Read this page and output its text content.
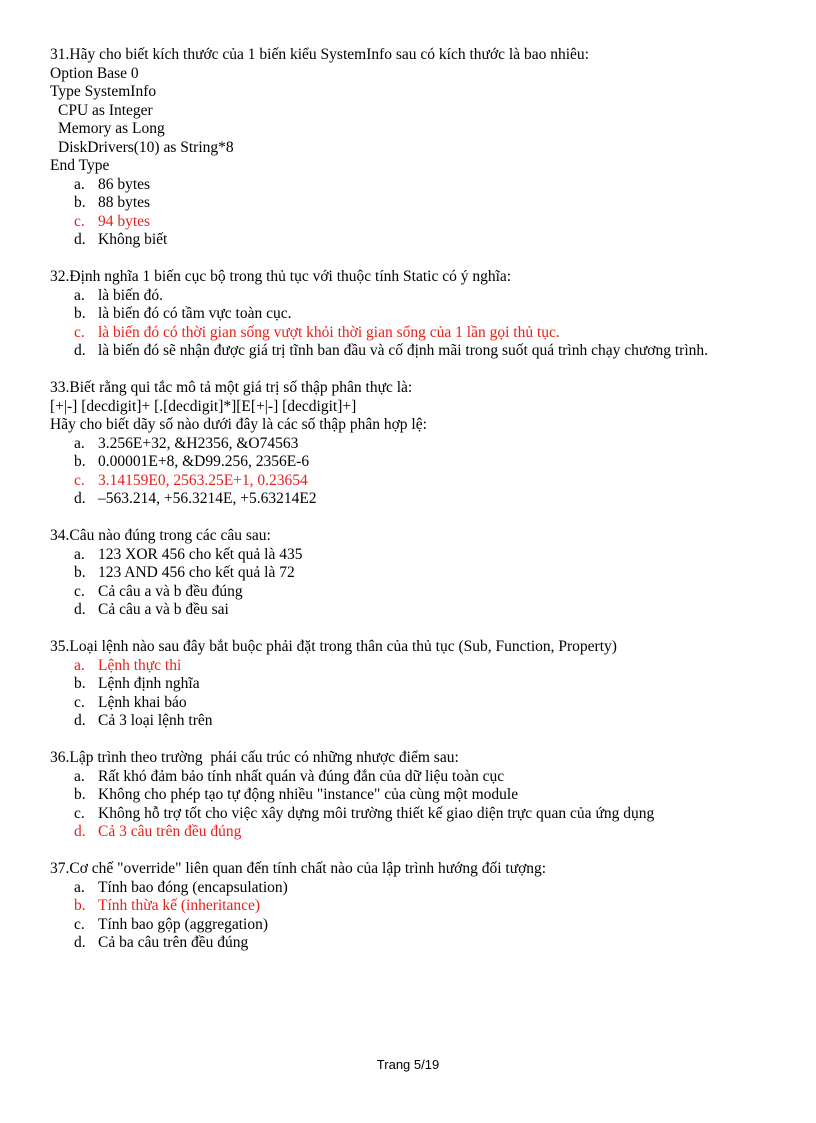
31.Hãy cho biết kích thước của 1 biến kiểu SystemInfo sau có kích thước là bao nhiêu:
Option Base 0
Type SystemInfo
CPU as Integer
Memory as Long
DiskDrivers(10) as String*8
End Type
a. 86 bytes
b. 88 bytes
c. 94 bytes
d. Không biết
32.Định nghĩa 1 biến cục bộ trong thủ tục với thuộc tính Static có ý nghĩa:
a. là biến đó.
b. là biến đó có tầm vực toàn cục.
c. là biến đó có thời gian sống vượt khỏi thời gian sống của 1 lần gọi thủ tục.
d. là biến đó sẽ nhận được giá trị tĩnh ban đầu và cố định mãi trong suốt quá trình chạy chương trình.
33.Biết rằng qui tắc mô tả một giá trị số thập phân thực là:
[+|-] [decdigit]+ [.[decdigit]*][E[+|-] [decdigit]+]
Hãy cho biết dãy số nào dưới đây là các số thập phân hợp lệ:
a. 3.256E+32, &H2356, &O74563
b. 0.00001E+8, &D99.256, 2356E-6
c. 3.14159E0, 2563.25E+1, 0.23654
d. –563.214, +56.3214E, +5.63214E2
34.Câu nào đúng trong các câu sau:
a. 123 XOR 456 cho kết quả là 435
b. 123 AND 456 cho kết quả là 72
c. Cả câu a và b đều đúng
d. Cả câu a và b đều sai
35.Loại lệnh nào sau đây bắt buộc phải đặt trong thân của thủ tục (Sub, Function, Property)
a. Lệnh thực thi
b. Lệnh định nghĩa
c. Lệnh khai báo
d. Cả 3 loại lệnh trên
36.Lập trình theo trường  phái cấu trúc có những nhược điểm sau:
a. Rất khó đảm bảo tính nhất quán và đúng đắn của dữ liệu toàn cục
b. Không cho phép tạo tự động nhiều "instance" của cùng một module
c. Không hỗ trợ tốt cho việc xây dựng môi trường thiết kế giao diện trực quan của ứng dụng
d. Cả 3 câu trên đều đúng
37.Cơ chế "override" liên quan đến tính chất nào của lập trình hướng đối tượng:
a. Tính bao đóng (encapsulation)
b. Tính thừa kế (inheritance)
c. Tính bao gộp (aggregation)
d. Cả ba câu trên đều đúng
Trang 5/19
